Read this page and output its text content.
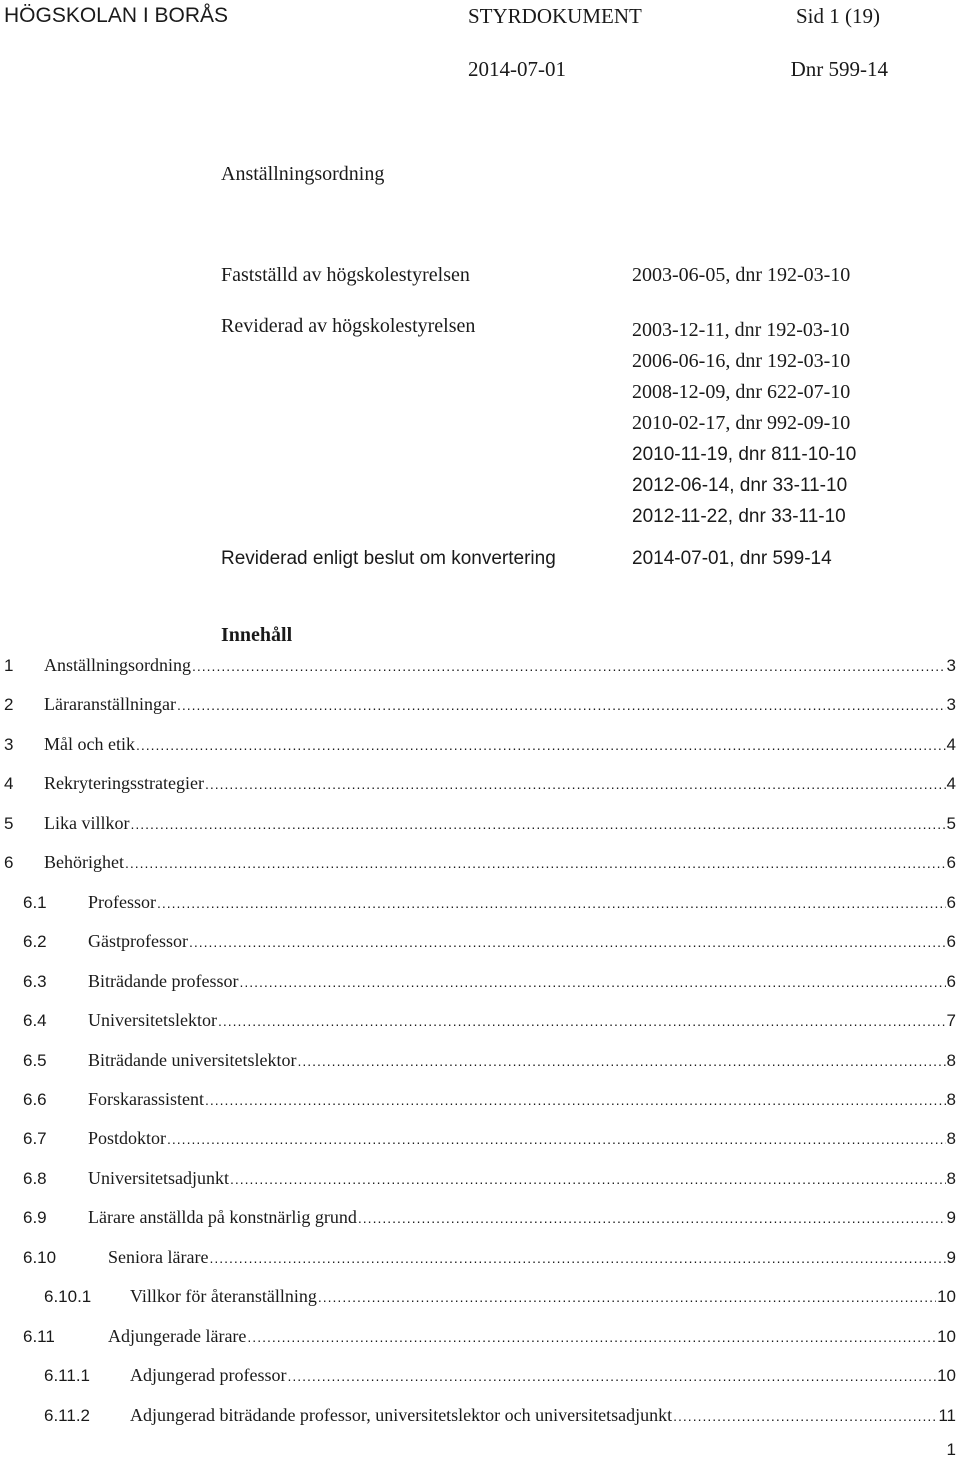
HÖGSKOLAN I BORÅS	STYRDOKUMENT	Sid 1 (19)
2014-07-01	Dnr 599-14
Anställningsordning
Fastställd av högskolestyrelsen	2003-06-05, dnr 192-03-10
Reviderad av högskolestyrelsen	2003-12-11, dnr 192-03-10
2006-06-16, dnr 192-03-10
2008-12-09, dnr 622-07-10
2010-02-17, dnr 992-09-10
2010-11-19, dnr 811-10-10
2012-06-14, dnr 33-11-10
2012-11-22, dnr 33-11-10
Reviderad enligt beslut om konvertering	2014-07-01, dnr 599-14
Innehåll
1	Anställningsordning .....	3
2	Läraranställningar .....	3
3	Mål och etik .....	4
4	Rekryteringsstrategier .....	4
5	Lika villkor .....	5
6	Behörighet .....	6
6.1	Professor .....	6
6.2	Gästprofessor .....	6
6.3	Biträdande professor .....	6
6.4	Universitetslektor .....	7
6.5	Biträdande universitetslektor .....	8
6.6	Forskarassistent .....	8
6.7	Postdoktor .....	8
6.8	Universitetsadjunkt .....	8
6.9	Lärare anställda på konstnärlig grund .....	9
6.10	Seniora lärare .....	9
6.10.1	Villkor för återanställning .....	10
6.11	Adjungerade lärare .....	10
6.11.1	Adjungerad professor .....	10
6.11.2	Adjungerad biträdande professor, universitetslektor och universitetsadjunkt .....	11
1
